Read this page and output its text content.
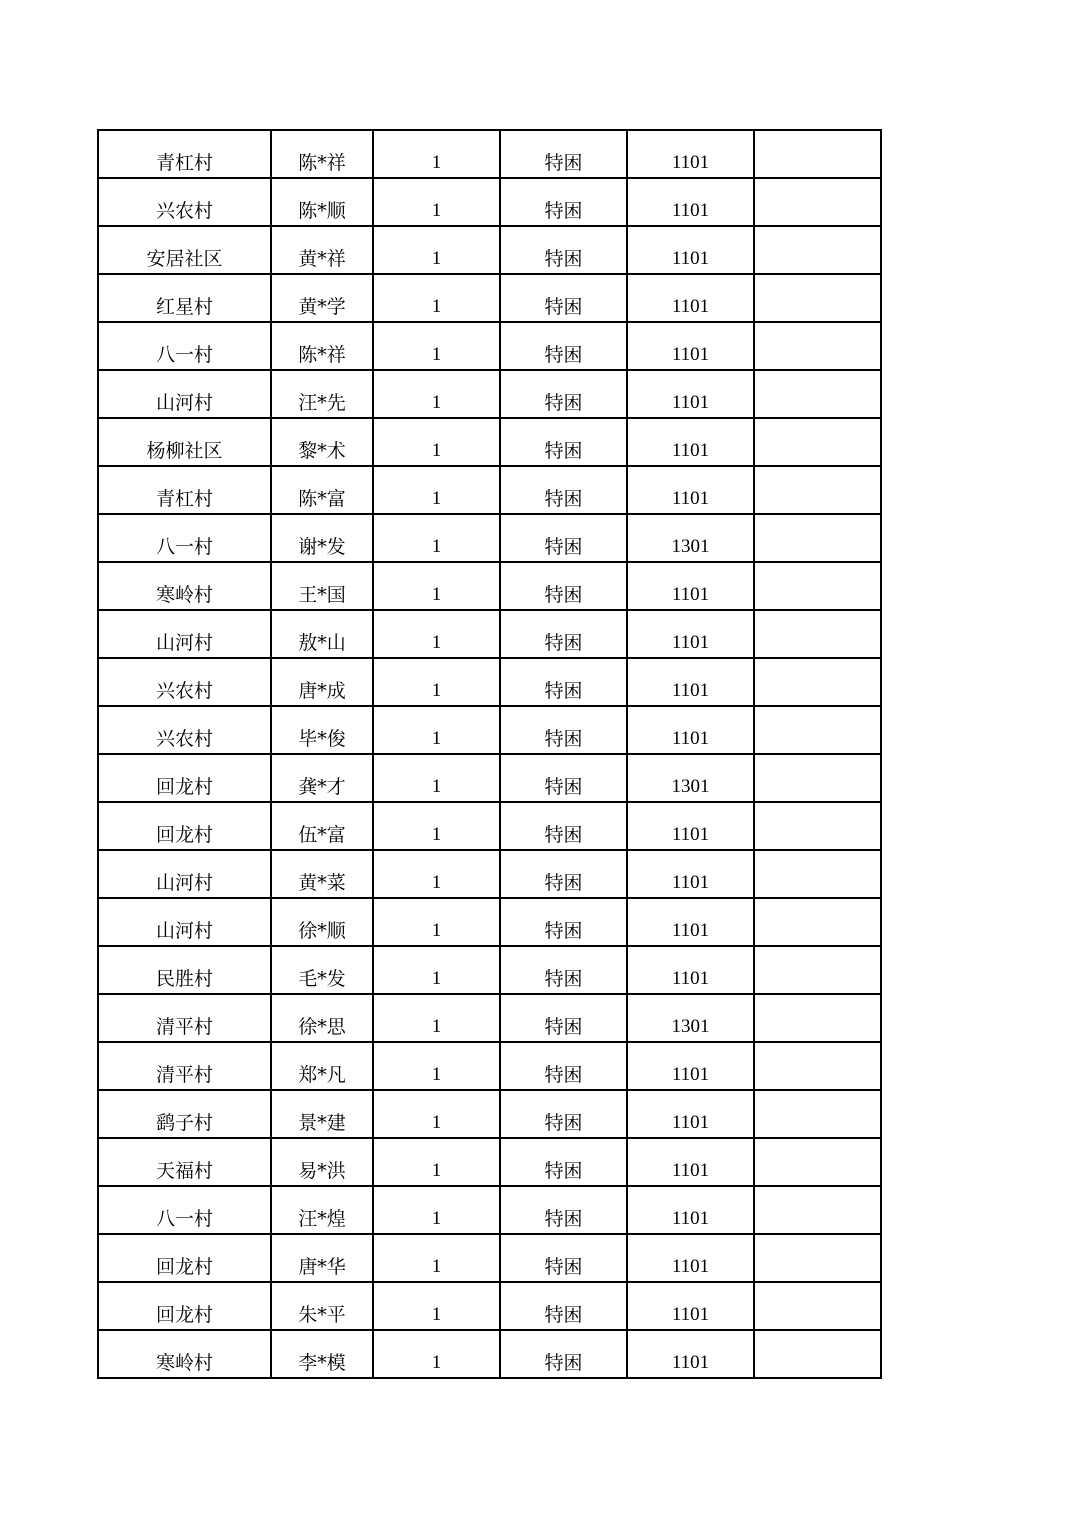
青杠村	陈*祥	1	特困	1101	
兴农村	陈*顺	1	特困	1101	
安居社区	黄*祥	1	特困	1101	
红星村	黄*学	1	特困	1101	
八一村	陈*祥	1	特困	1101	
山河村	汪*先	1	特困	1101	
杨柳社区	黎*术	1	特困	1101	
青杠村	陈*富	1	特困	1101	
八一村	谢*发	1	特困	1301	
寒岭村	王*国	1	特困	1101	
山河村	敖*山	1	特困	1101	
兴农村	唐*成	1	特困	1101	
兴农村	毕*俊	1	特困	1101	
回龙村	龚*才	1	特困	1301	
回龙村	伍*富	1	特困	1101	
山河村	黄*菜	1	特困	1101	
山河村	徐*顺	1	特困	1101	
民胜村	毛*发	1	特困	1101	
清平村	徐*思	1	特困	1301	
清平村	郑*凡	1	特困	1101	
鹞子村	景*建	1	特困	1101	
天福村	易*洪	1	特困	1101	
八一村	汪*煌	1	特困	1101	
回龙村	唐*华	1	特困	1101	
回龙村	朱*平	1	特困	1101	
寒岭村	李*模	1	特困	1101	
